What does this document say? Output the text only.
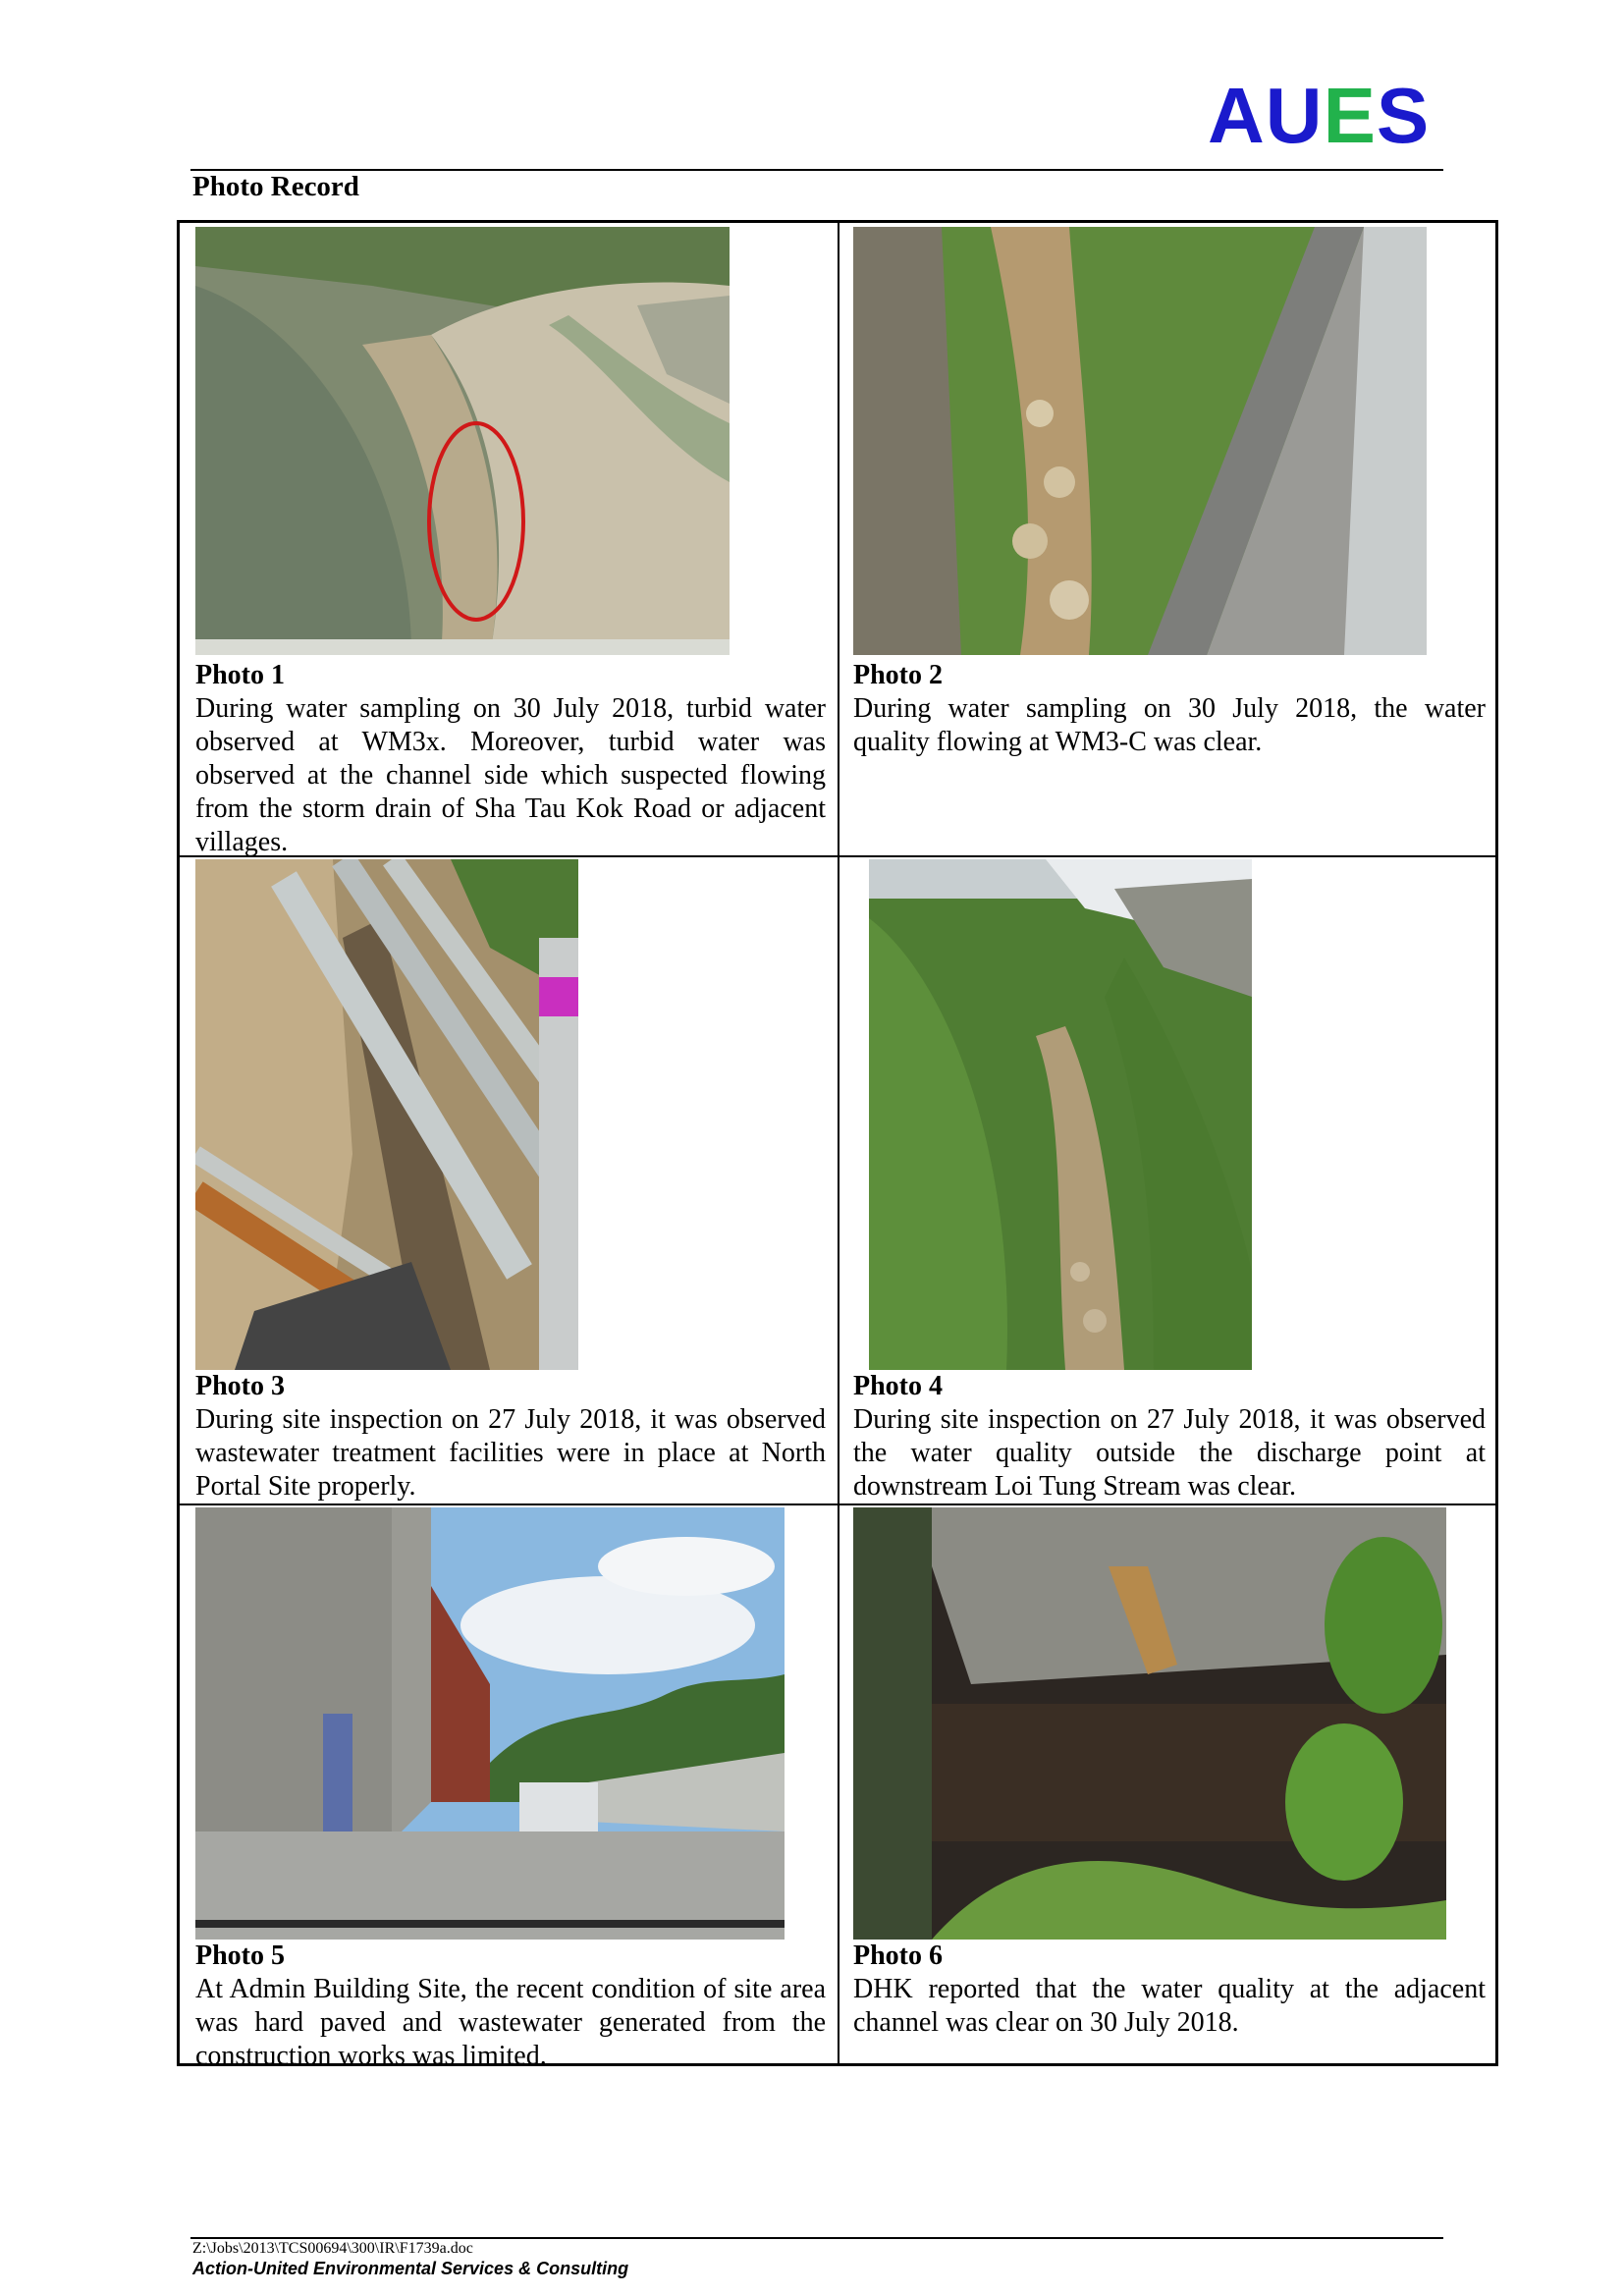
AUES
Photo Record
Photo 1
During water sampling on 30 July 2018, turbid water observed at WM3x. Moreover, turbid water was observed at the channel side which suspected flowing from the storm drain of Sha Tau Kok Road or adjacent villages.
Photo 2
During water sampling on 30 July 2018, the water quality flowing at WM3-C was clear.
Photo 3
During site inspection on 27 July 2018, it was observed wastewater treatment facilities were in place at North Portal Site properly.
Photo 4
During site inspection on 27 July 2018, it was observed the water quality outside the discharge point at downstream Loi Tung Stream was clear.
Photo 5
At Admin Building Site, the recent condition of site area was hard paved and wastewater generated from the construction works was limited.
Photo 6
DHK reported that the water quality at the adjacent channel was clear on 30 July 2018.
Z:\Jobs\2013\TCS00694\300\IR\F1739a.doc
Action-United Environmental Services & Consulting
